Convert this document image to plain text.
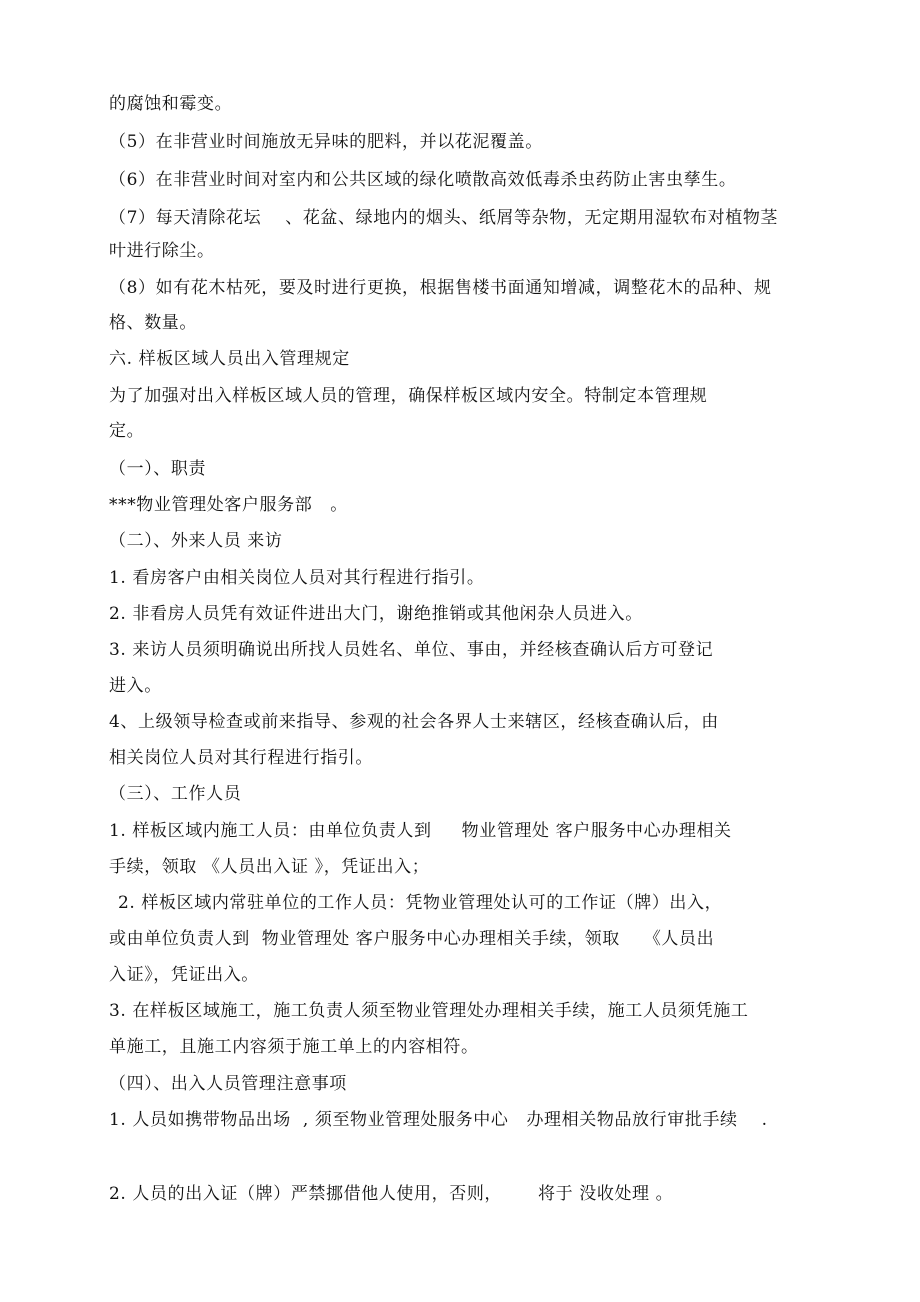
的腐蚀和霉变。
（5）在非营业时间施放无异味的肥料，并以花泥覆盖。
（6）在非营业时间对室内和公共区域的绿化喷散高效低毒杀虫药防止害虫孳生。
（7）每天清除花坛    、花盆、绿地内的烟头、纸屑等杂物，无定期用湿软布对植物茎
叶进行除尘。
（8）如有花木枯死，要及时进行更换，根据售楼书面通知增减，调整花木的品种、规
格、数量。
六. 样板区域人员出入管理规定
为了加强对出入样板区域人员的管理，确保样板区域内安全。特制定本管理规
定。
（一）、职责
***物业管理处客户服务部   。
（二）、外来人员 来访
1. 看房客户由相关岗位人员对其行程进行指引。
2. 非看房人员凭有效证件进出大门，谢绝推销或其他闲杂人员进入。
3. 来访人员须明确说出所找人员姓名、单位、事由，并经核查确认后方可登记
进入。
4、上级领导检查或前来指导、参观的社会各界人士来辖区，经核查确认后，由
相关岗位人员对其行程进行指引。
（三）、工作人员
1. 样板区域内施工人员：由单位负责人到     物业管理处 客户服务中心办理相关
手续，领取 《人员出入证 》，凭证出入；
2. 样板区域内常驻单位的工作人员：凭物业管理处认可的工作证（牌）出入，
或由单位负责人到  物业管理处 客户服务中心办理相关手续，领取    《人员出
入证》，凭证出入。
3. 在样板区域施工，施工负责人须至物业管理处办理相关手续，施工人员须凭施工
单施工，且施工内容须于施工单上的内容相符。
（四）、出入人员管理注意事项
1. 人员如携带物品出场  , 须至物业管理处服务中心   办理相关物品放行审批手续    .
2. 人员的出入证（牌）严禁挪借他人使用，否则，      将于 没收处理 。
